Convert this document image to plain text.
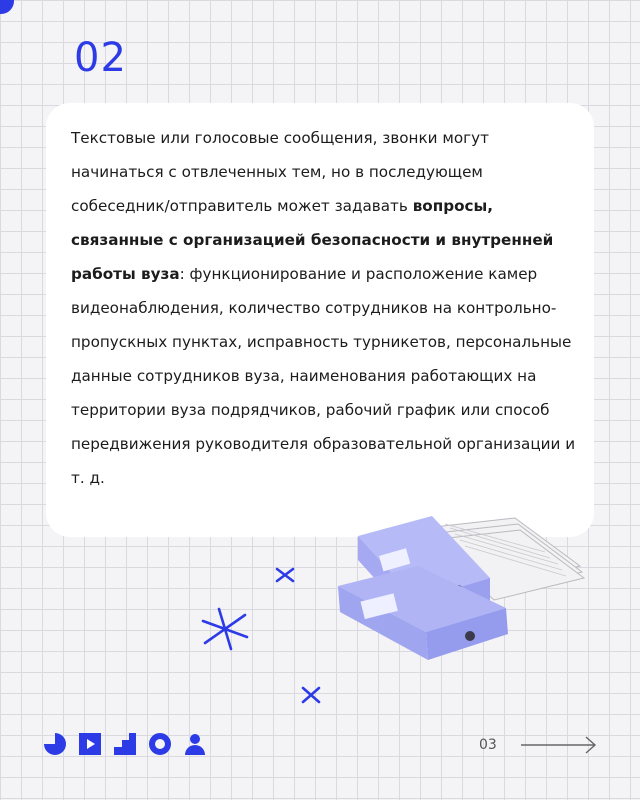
02

Текстовые или голосовые сообщения, звонки могут начинаться с отвлеченных тем, но в последующем собеседник/отправитель может задавать вопросы, связанные с организацией безопасности и внутренней работы вуза: функционирование и расположение камер видеонаблюдения, количество сотрудников на контрольно-пропускных пунктах, исправность турникетов, персональные данные сотрудников вуза, наименования работающих на территории вуза подрядчиков, рабочий график или способ передвижения руководителя образовательной организации и т. д.

03
